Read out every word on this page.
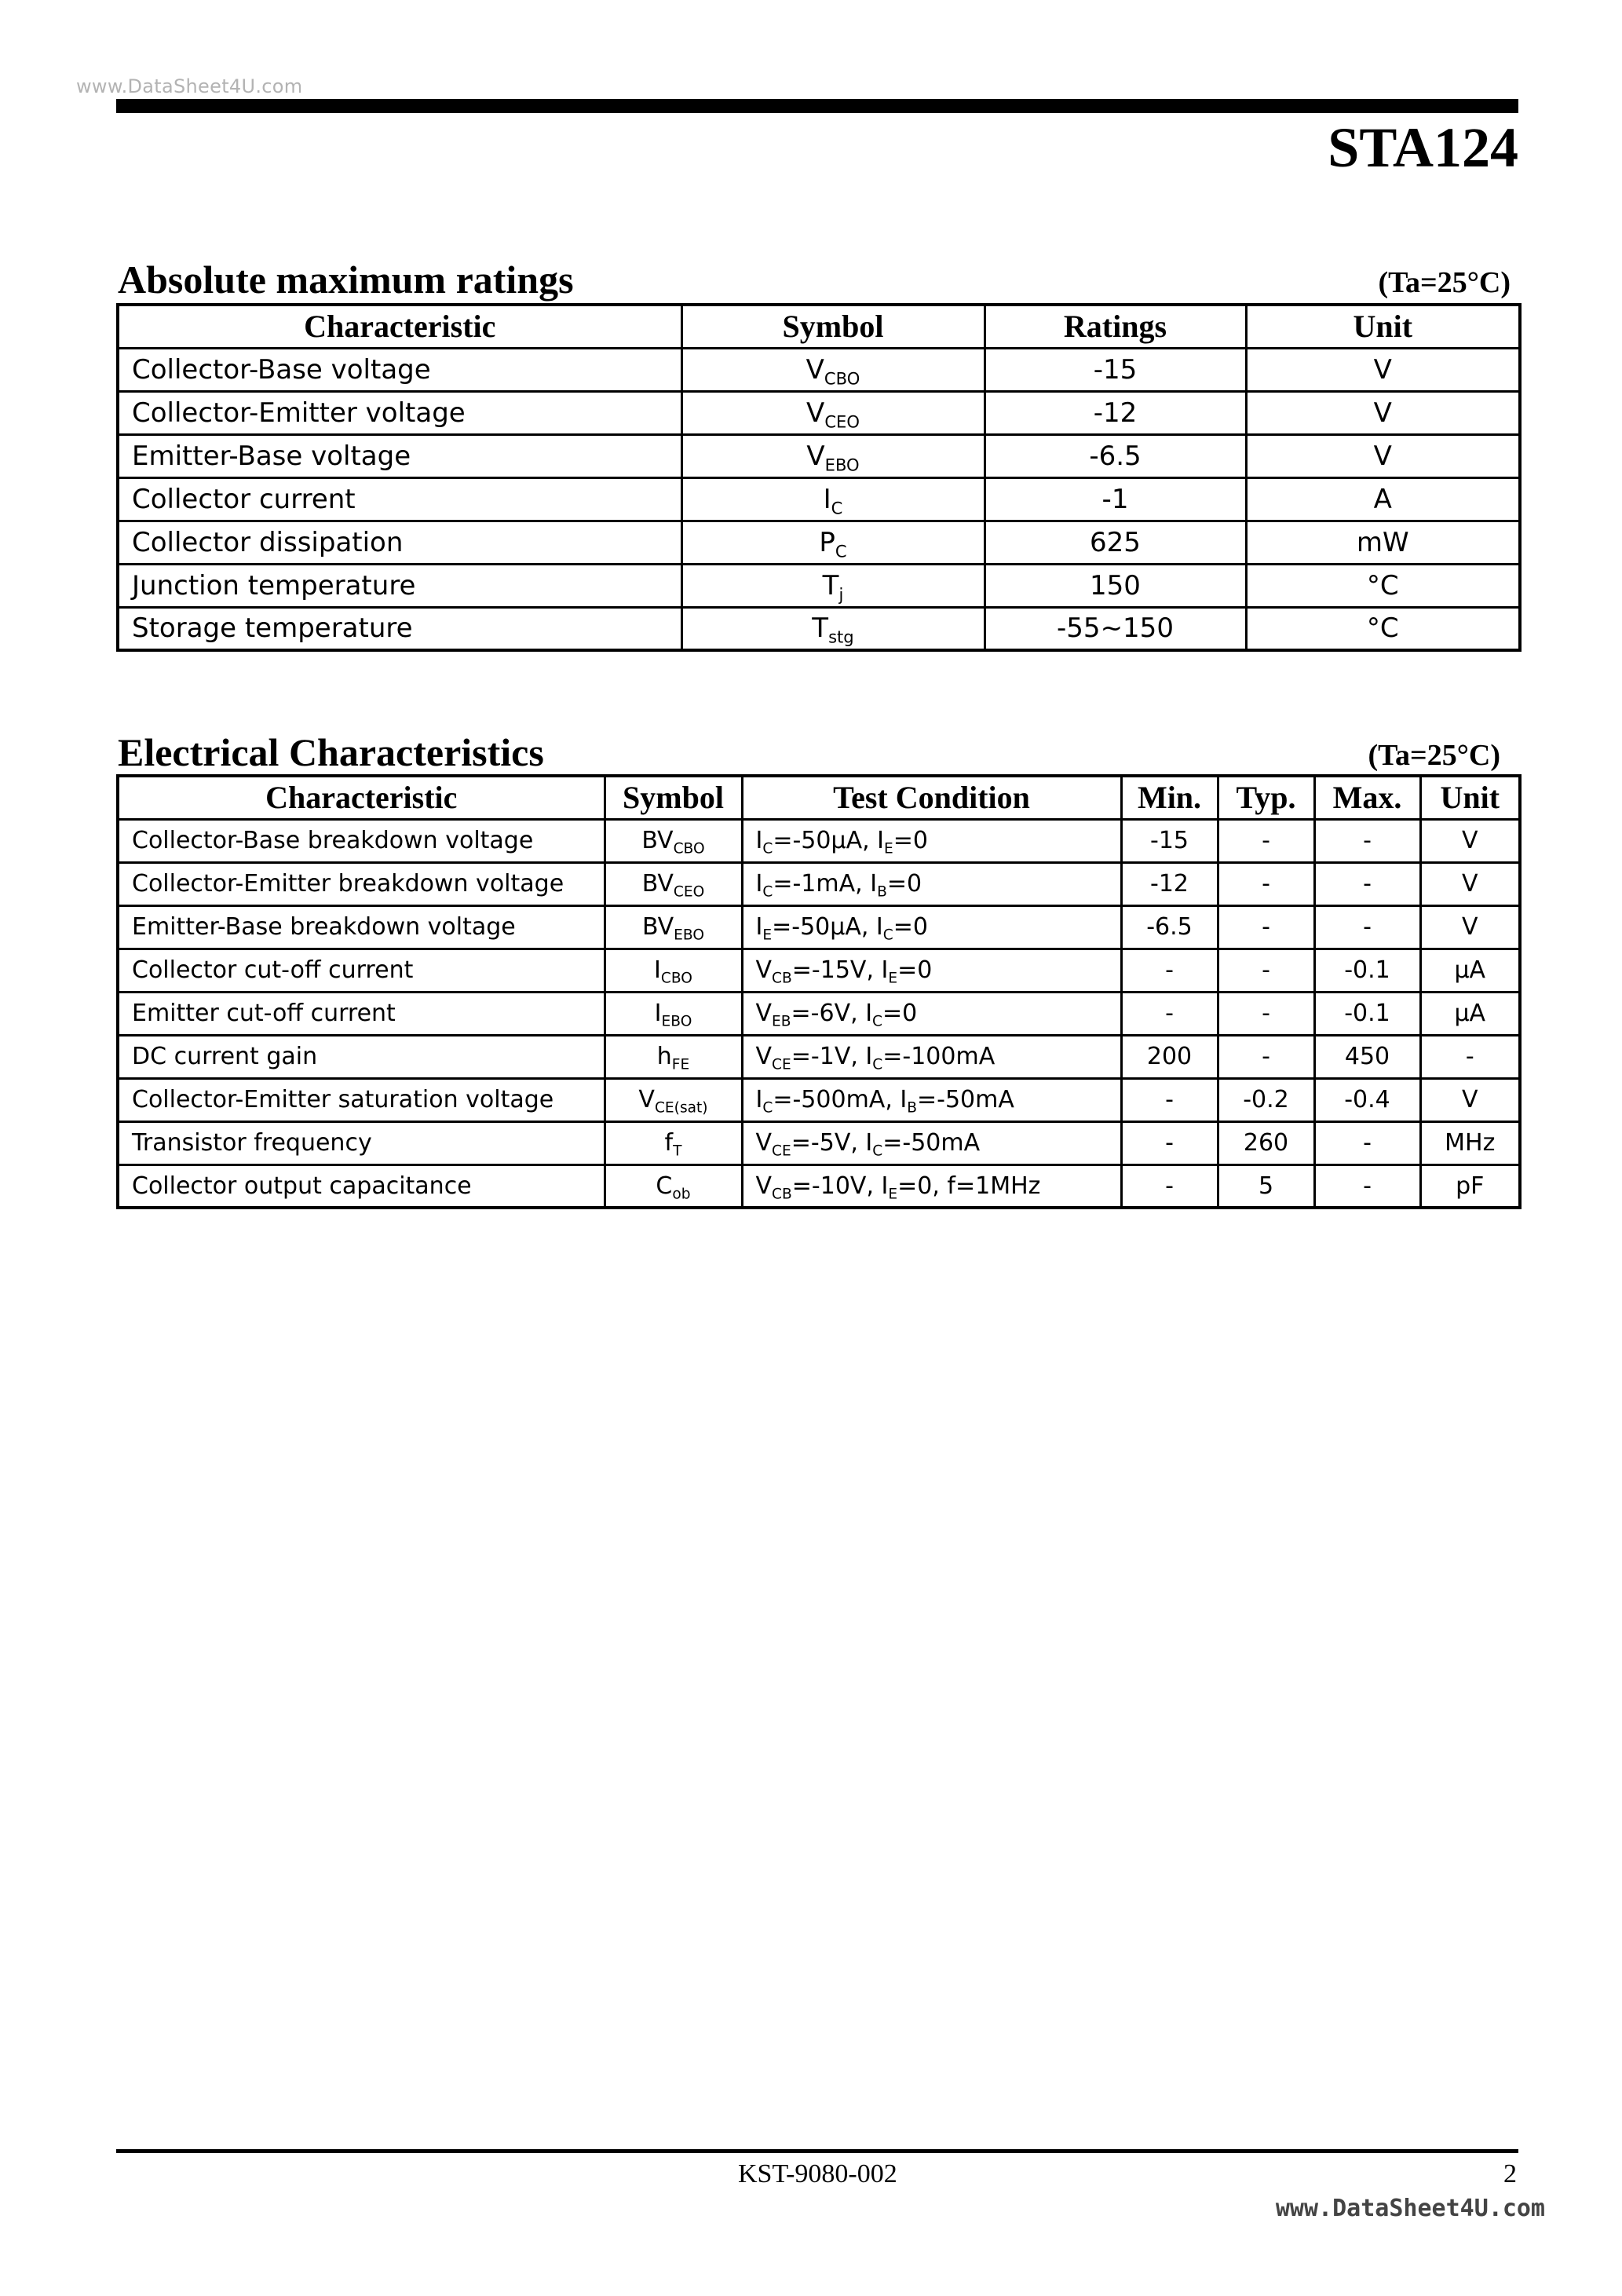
www.DataSheet4U.com
STA124
Absolute maximum ratings	(Ta=25°C)
Characteristic	Symbol	Ratings	Unit
Collector-Base voltage	$V_{CBO}$	-15	V
Collector-Emitter voltage	$V_{CEO}$	-12	V
Emitter-Base voltage	$V_{EBO}$	-6.5	V
Collector current	$I_C$	-1	A
Collector dissipation	$P_C$	625	mW
Junction temperature	$T_j$	150	°C
Storage temperature	$T_{stg}$	-55~150	°C
Electrical Characteristics	(Ta=25°C)
Characteristic	Symbol	Test Condition	Min.	Typ.	Max.	Unit
Collector-Base breakdown voltage	$BV_{CBO}$	$I_C=-50\mu A$, $I_E=0$	-15	-	-	V
Collector-Emitter breakdown voltage	$BV_{CEO}$	$I_C=-1mA$, $I_B=0$	-12	-	-	V
Emitter-Base breakdown voltage	$BV_{EBO}$	$I_E=-50\mu A$, $I_C=0$	-6.5	-	-	V
Collector cut-off current	$I_{CBO}$	$V_{CB}=-15V$, $I_E=0$	-	-	-0.1	μA
Emitter cut-off current	$I_{EBO}$	$V_{EB}=-6V$, $I_C=0$	-	-	-0.1	μA
DC current gain	$h_{FE}$	$V_{CE}=-1V$, $I_C=-100mA$	200	-	450	-
Collector-Emitter saturation voltage	$V_{CE(sat)}$	$I_C=-500mA$, $I_B=-50mA$	-	-0.2	-0.4	V
Transistor frequency	$f_T$	$V_{CE}=-5V$, $I_C=-50mA$	-	260	-	MHz
Collector output capacitance	$C_{ob}$	$V_{CB}=-10V$, $I_E=0$, f=1MHz	-	5	-	pF
KST-9080-002	2
www.DataSheet4U.com
